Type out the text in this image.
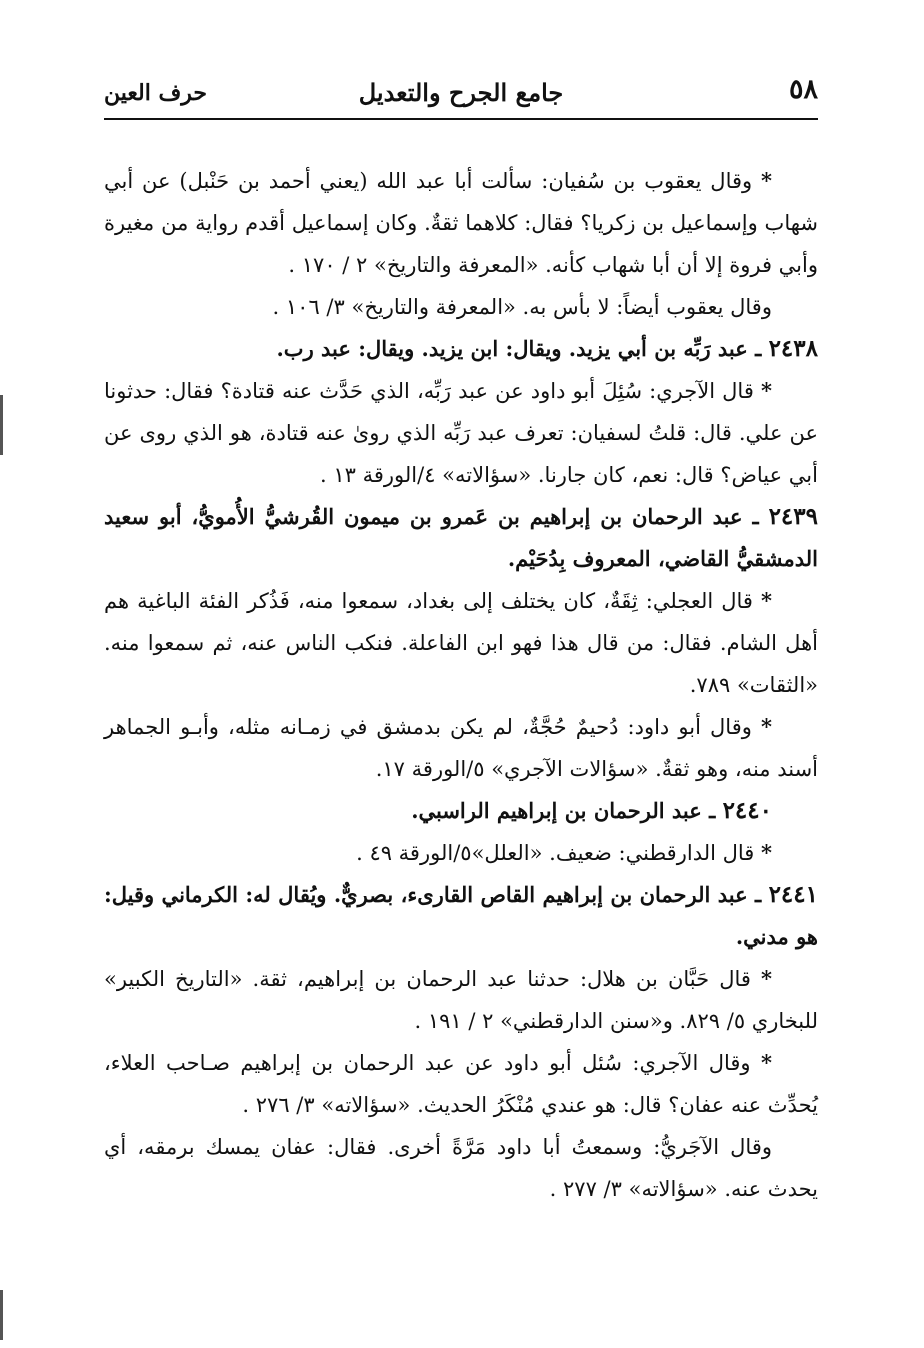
٥٨
جامع الجرح والتعديل
حرف العين

* وقال يعقوب بن سُفيان: سألت أبا عبد الله (يعني أحمد بن حَنْبل) عن أبي شهاب وإسماعيل بن زكريا؟ فقال: كلاهما ثقةٌ. وكان إسماعيل أقدم رواية من مغيرة وأبي فروة إلا أن أبا شهاب كأنه. «المعرفة والتاريخ» ٢ / ١٧٠ .

وقال يعقوب أيضاً: لا بأس به. «المعرفة والتاريخ» ٣/ ١٠٦ .

٢٤٣٨ ـ عبد رَبِّه بن أبي يزيد. ويقال: ابن يزيد. ويقال: عبد رب.

* قال الآجري: سُئِلَ أبو داود عن عبد رَبِّه، الذي حَدَّث عنه قتادة؟ فقال: حدثونا عن علي. قال: قلتُ لسفيان: تعرف عبد رَبِّه الذي روىٰ عنه قتادة، هو الذي روى عن أبي عياض؟ قال: نعم، كان جارنا. «سؤالاته» ٤/الورقة ١٣ .

٢٤٣٩ ـ عبد الرحمان بن إبراهيم بن عَمرو بن ميمون القُرشيُّ الأُمويُّ، أبو سعيد الدمشقيُّ القاضي، المعروف بِدُحَيْم.

* قال العجلي: ثِقَةٌ، كان يختلف إلى بغداد، سمعوا منه، فَذُكر الفئة الباغية هم أهل الشام. فقال: من قال هذا فهو ابن الفاعلة. فنكب الناس عنه، ثم سمعوا منه. «الثقات» ٧٨٩.

* وقال أبو داود: دُحيمٌ حُجَّةٌ، لم يكن بدمشق في زمـانه مثله، وأبـو الجماهر أسند منه، وهو ثقةٌ. «سؤالات الآجري» ٥/الورقة ١٧.

٢٤٤٠ ـ عبد الرحمان بن إبراهيم الراسبي.

* قال الدارقطني: ضعيف. «العلل»٥/الورقة ٤٩ .

٢٤٤١ ـ عبد الرحمان بن إبراهيم القاص القارىء، بصريٌّ. ويُقال له: الكرماني وقيل: هو مدني.

* قال حَبَّان بن هلال: حدثنا عبد الرحمان بن إبراهيم، ثقة. «التاريخ الكبير» للبخاري ٥/ ٨٢٩. و«سنن الدارقطني» ٢ / ١٩١ .

* وقال الآجري: سُئل أبو داود عن عبد الرحمان بن إبراهيم صـاحب العلاء، يُحدِّث عنه عفان؟ قال: هو عندي مُنْكَرُ الحديث. «سؤالاته» ٣/ ٢٧٦ .

وقال الآجَريُّ: وسمعتُ أبا داود مَرَّةً أخرى. فقال: عفان يمسك برمقه، أي يحدث عنه. «سؤالاته» ٣/ ٢٧٧ .
